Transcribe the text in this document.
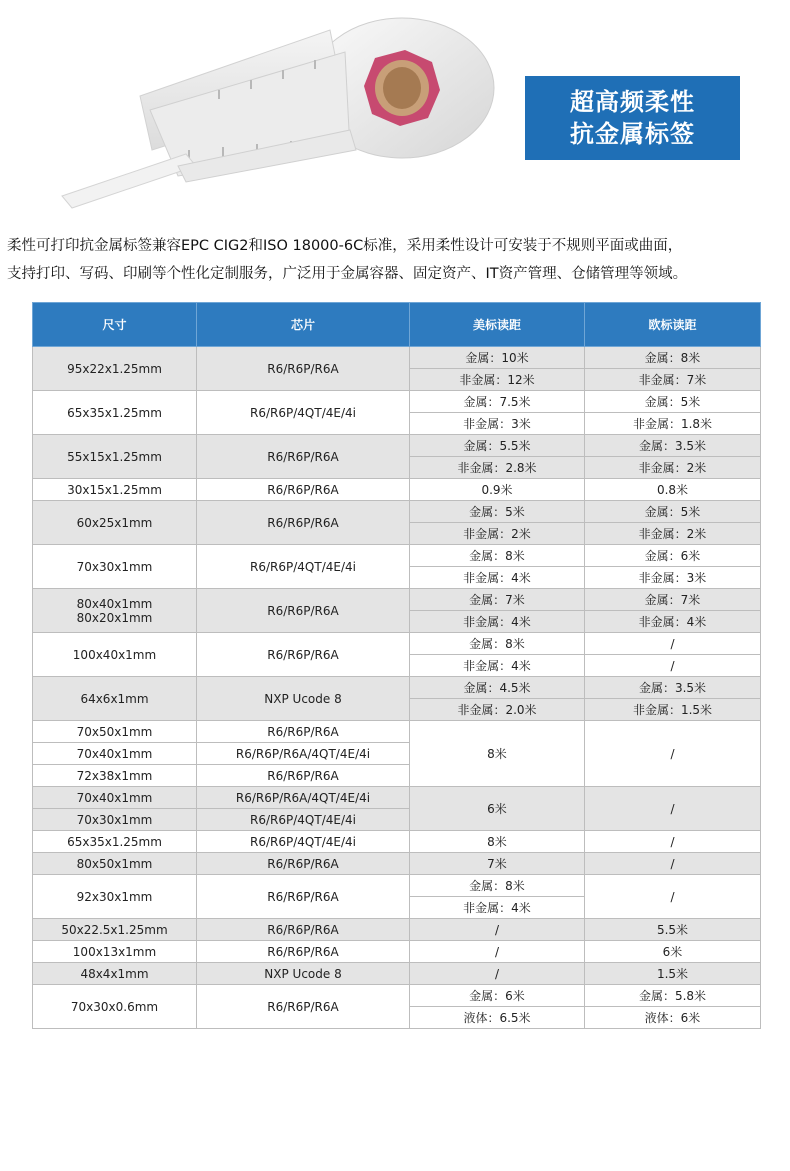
超高频柔性
抗金属标签
柔性可打印抗金属标签兼容EPC CIG2和ISO 18000-6C标准，采用柔性设计可安装于不规则平面或曲面，
支持打印、写码、印刷等个性化定制服务，广泛用于金属容器、固定资产、IT资产管理、仓储管理等领域。
尺寸	芯片	美标读距	欧标读距
95x22x1.25mm	R6/R6P/R6A	金属：10米	金属：8米
		非金属：12米	非金属：7米
65x35x1.25mm	R6/R6P/4QT/4E/4i	金属：7.5米	金属：5米
		非金属：3米	非金属：1.8米
55x15x1.25mm	R6/R6P/R6A	金属：5.5米	金属：3.5米
		非金属：2.8米	非金属：2米
30x15x1.25mm	R6/R6P/R6A	0.9米	0.8米

60x25x1mm	R6/R6P/R6A	金属：5米	金属：5米
		非金属：2米	非金属：2米
70x30x1mm	R6/R6P/4QT/4E/4i	金属：8米	金属：6米
		非金属：4米	非金属：3米

80x40x1mm
80x20x1mm	R6/R6P/R6A	金属：7米	金属：7米
		非金属：4米	非金属：4米
100x40x1mm	R6/R6P/R6A	金属：8米	/
		非金属：4米	/
64x6x1mm	NXP Ucode 8	金属：4.5米	金属：3.5米
		非金属：2.0米	非金属：1.5米
70x50x1mm	R6/R6P/R6A	8米	/
70x40x1mm	R6/R6P/R6A/4QT/4E/4i		
72x38x1mm	R6/R6P/R6A		
70x40x1mm	R6/R6P/R6A/4QT/4E/4i	6米	/
70x30x1mm	R6/R6P/4QT/4E/4i		
65x35x1.25mm	R6/R6P/4QT/4E/4i	8米	/

80x50x1mm	R6/R6P/R6A	7米	/

92x30x1mm	R6/R6P/R6A	金属：8米	/
		非金属：4米	
50x22.5x1.25mm	R6/R6P/R6A	/	5.5米

100x13x1mm	R6/R6P/R6A	/	6米

48x4x1mm	NXP Ucode 8	/	1.5米

70x30x0.6mm	R6/R6P/R6A	金属：6米	金属：5.8米
		液体：6.5米	液体：6米
